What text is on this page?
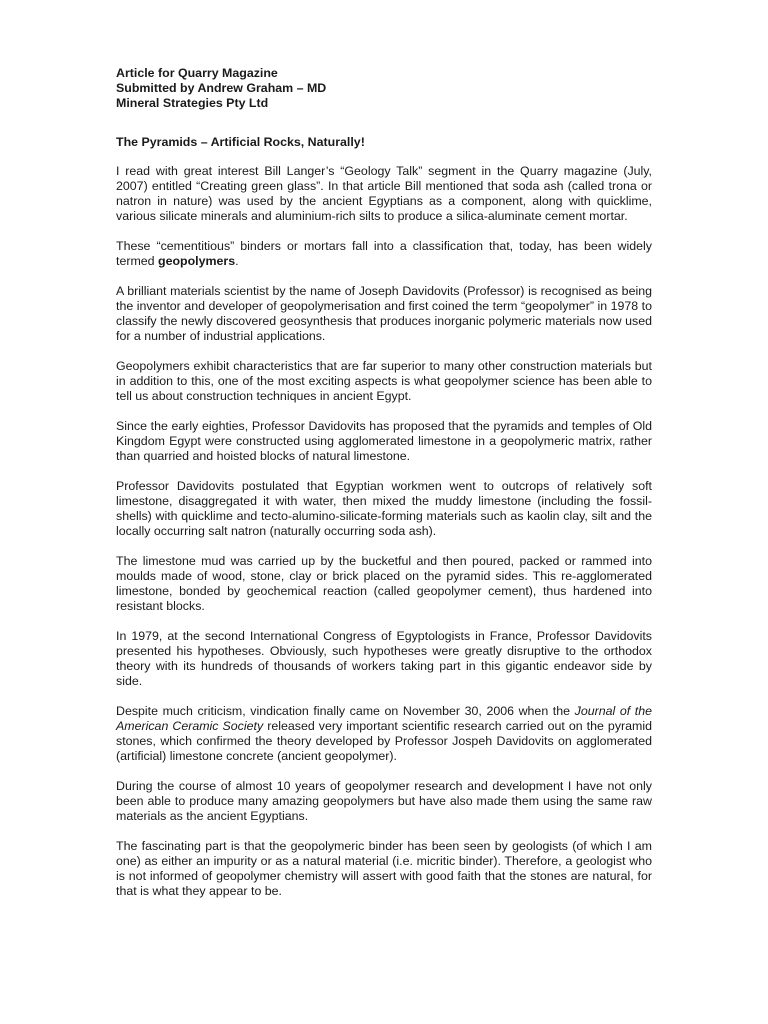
Article for Quarry Magazine
Submitted by Andrew Graham – MD
Mineral Strategies Pty Ltd
The Pyramids – Artificial Rocks, Naturally!

I read with great interest Bill Langer’s “Geology Talk” segment in the Quarry magazine (July, 2007) entitled “Creating green glass”. In that article Bill mentioned that soda ash (called trona or natron in nature) was used by the ancient Egyptians as a component, along with quicklime, various silicate minerals and aluminium-rich silts to produce a silica-aluminate cement mortar.

These “cementitious” binders or mortars fall into a classification that, today, has been widely termed geopolymers.

A brilliant materials scientist by the name of Joseph Davidovits (Professor) is recognised as being the inventor and developer of geopolymerisation and first coined the term “geopolymer” in 1978 to classify the newly discovered geosynthesis that produces inorganic polymeric materials now used for a number of industrial applications.

Geopolymers exhibit characteristics that are far superior to many other construction materials but in addition to this, one of the most exciting aspects is what geopolymer science has been able to tell us about construction techniques in ancient Egypt.

Since the early eighties, Professor Davidovits has proposed that the pyramids and temples of Old Kingdom Egypt were constructed using agglomerated limestone in a geopolymeric matrix, rather than quarried and hoisted blocks of natural limestone.

Professor Davidovits postulated that Egyptian workmen went to outcrops of relatively soft limestone, disaggregated it with water, then mixed the muddy limestone (including the fossil-shells) with quicklime and tecto-alumino-silicate-forming materials such as kaolin clay, silt and the locally occurring salt natron (naturally occurring soda ash).

The limestone mud was carried up by the bucketful and then poured, packed or rammed into moulds made of wood, stone, clay or brick placed on the pyramid sides. This re-agglomerated limestone, bonded by geochemical reaction (called geopolymer cement), thus hardened into resistant blocks.

In 1979, at the second International Congress of Egyptologists in France, Professor Davidovits presented his hypotheses. Obviously, such hypotheses were greatly disruptive to the orthodox theory with its hundreds of thousands of workers taking part in this gigantic endeavor side by side.

Despite much criticism, vindication finally came on November 30, 2006 when the Journal of the American Ceramic Society released very important scientific research carried out on the pyramid stones, which confirmed the theory developed by Professor Jospeh Davidovits on agglomerated (artificial) limestone concrete (ancient geopolymer).

During the course of almost 10 years of geopolymer research and development I have not only been able to produce many amazing geopolymers but have also made them using the same raw materials as the ancient Egyptians.

The fascinating part is that the geopolymeric binder has been seen by geologists (of which I am one) as either an impurity or as a natural material (i.e. micritic binder). Therefore, a geologist who is not informed of geopolymer chemistry will assert with good faith that the stones are natural, for that is what they appear to be.
